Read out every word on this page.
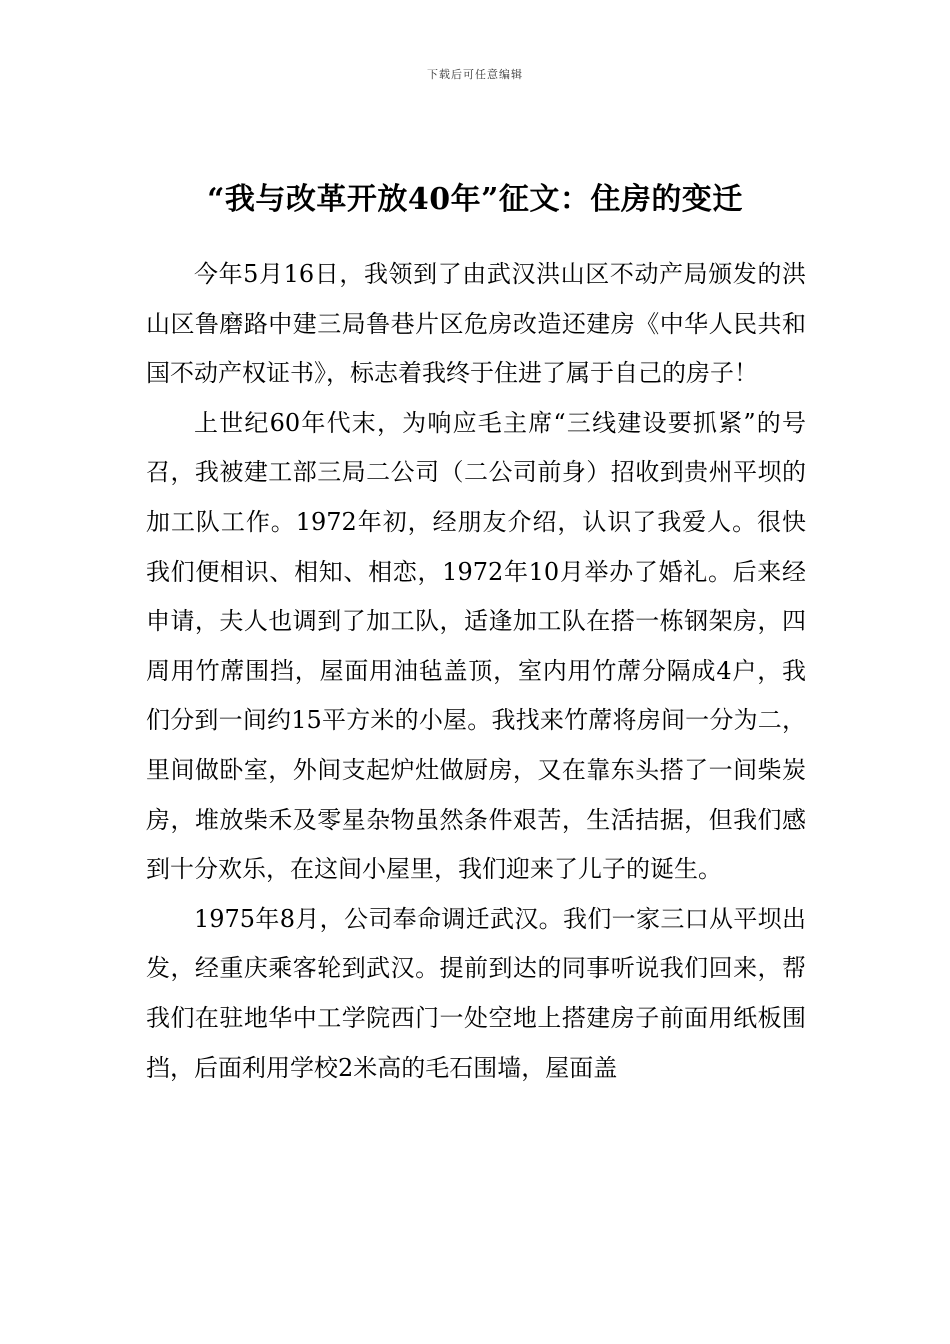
下载后可任意编辑
“我与改革开放40年”征文：住房的变迁

今年5月16日，我领到了由武汉洪山区不动产局颁发的洪山区鲁磨路中建三局鲁巷片区危房改造还建房《中华人民共和国不动产权证书》，标志着我终于住进了属于自己的房子！

上世纪60年代末，为响应毛主席“三线建设要抓紧”的号召，我被建工部三局二公司（二公司前身）招收到贵州平坝的加工队工作。1972年初，经朋友介绍，认识了我爱人。很快我们便相识、相知、相恋，1972年10月举办了婚礼。后来经申请，夫人也调到了加工队，适逢加工队在搭一栋钢架房，四周用竹蓆围挡，屋面用油毡盖顶，室内用竹蓆分隔成4户，我们分到一间约15平方米的小屋。我找来竹蓆将房间一分为二，里间做卧室，外间支起炉灶做厨房，又在靠东头搭了一间柴炭房，堆放柴禾及零星杂物虽然条件艰苦，生活拮据，但我们感到十分欢乐，在这间小屋里，我们迎来了儿子的诞生。

1975年8月，公司奉命调迁武汉。我们一家三口从平坝出发，经重庆乘客轮到武汉。提前到达的同事听说我们回来，帮我们在驻地华中工学院西门一处空地上搭建房子前面用纸板围挡，后面利用学校2米高的毛石围墙，屋面盖
